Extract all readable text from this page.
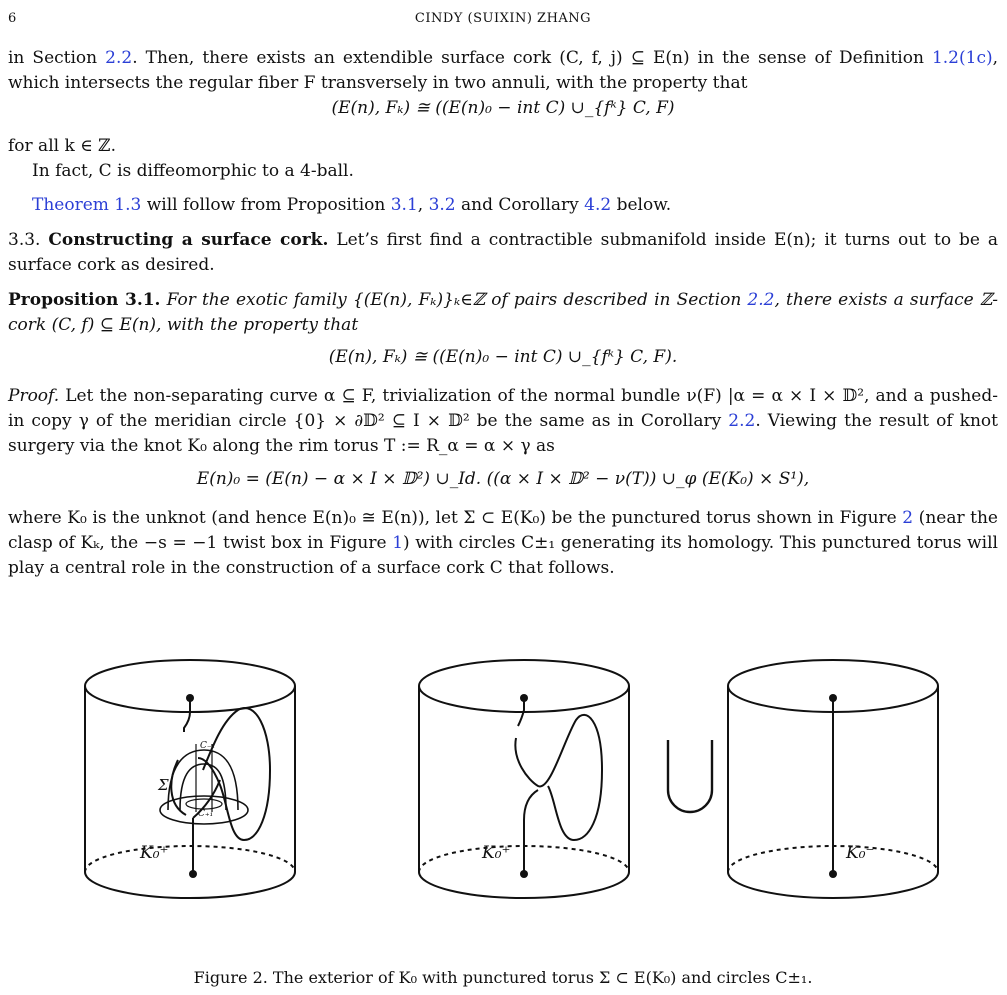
6	CINDY (SUIXIN) ZHANG
in Section 2.2. Then, there exists an extendible surface cork (C, f, j) ⊆ E(n) in the sense of Definition 1.2(1c), which intersects the regular fiber F transversely in two annuli, with the property that
(E(n), Fₖ) ≅ ((E(n)₀ − int C) ∪_{fᵏ} C, F)
for all k ∈ ℤ.
In fact, C is diffeomorphic to a 4-ball.
Theorem 1.3 will follow from Proposition 3.1, 3.2 and Corollary 4.2 below.
3.3. Constructing a surface cork. Let’s first find a contractible submanifold inside E(n); it turns out to be a surface cork as desired.
Proposition 3.1. For the exotic family {(E(n), Fₖ)}ₖ∈ℤ of pairs described in Section 2.2, there exists a surface ℤ-cork (C, f) ⊆ E(n), with the property that
(E(n), Fₖ) ≅ ((E(n)₀ − int C) ∪_{fᵏ} C, F).
Proof. Let the non-separating curve α ⊆ F, trivialization of the normal bundle ν(F) |α = α × I × 𝔻², and a pushed-in copy γ of the meridian circle {0} × ∂𝔻² ⊆ I × 𝔻² be the same as in Corollary 2.2. Viewing the result of knot surgery via the knot K₀ along the rim torus T := R_α = α × γ as
E(n)₀ = (E(n) − α × I × 𝔻²) ∪_Id. ((α × I × 𝔻² − ν(T)) ∪_φ (E(K₀) × S¹),
where K₀ is the unknot (and hence E(n)₀ ≅ E(n)), let Σ ⊂ E(K₀) be the punctured torus shown in Figure 2 (near the clasp of Kₖ, the −s = −1 twist box in Figure 1) with circles C±₁ generating its homology. This punctured torus will play a central role in the construction of a surface cork C that follows.
K₀⁺
Σ
C₋₁
C₊₁
K₀⁺	K₀⁻
Figure 2. The exterior of K₀ with punctured torus Σ ⊂ E(K₀) and circles C±₁.
